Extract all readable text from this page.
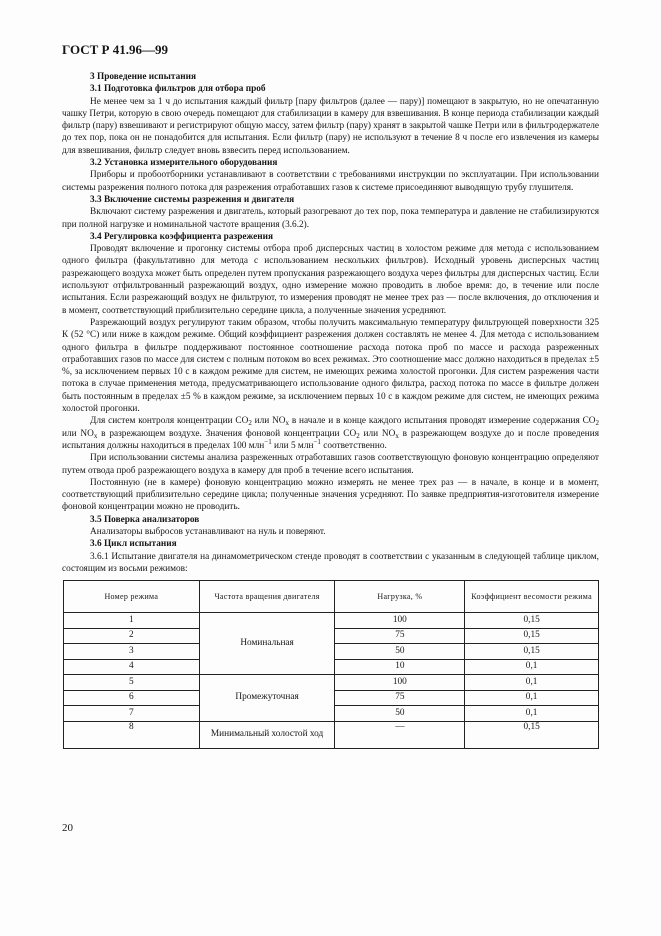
ГОСТ Р 41.96—99
3 Проведение испытания
3.1 Подготовка фильтров для отбора проб

Не менее чем за 1 ч до испытания каждый фильтр [пару фильтров (далее — пару)] помещают в закрытую, но не опечатанную чашку Петри, которую в свою очередь помещают для стабилизации в камеру для взвешивания. В конце периода стабилизации каждый фильтр (пару) взвешивают и регистрируют общую массу, затем фильтр (пару) хранят в закрытой чашке Петри или в фильтродержателе до тех пор, пока он не понадобится для испытания. Если фильтр (пару) не используют в течение 8 ч после его извлечения из камеры для взвешивания, фильтр следует вновь взвесить перед использованием.

3.2 Установка измерительного оборудования

Приборы и пробоотборники устанавливают в соответствии с требованиями инструкции по эксплуатации. При использовании системы разрежения полного потока для разрежения отработавших газов к системе присоединяют выводящую трубу глушителя.

3.3 Включение системы разрежения и двигателя

Включают систему разрежения и двигатель, который разогревают до тех пор, пока температура и давление не стабилизируются при полной нагрузке и номинальной частоте вращения (3.6.2).

3.4 Регулировка коэффициента разрежения

Проводят включение и прогонку системы отбора проб дисперсных частиц в холостом режиме для метода с использованием одного фильтра (факультативно для метода с использованием нескольких фильтров). Исходный уровень дисперсных частиц разрежающего воздуха может быть определен путем пропускания разрежающего воздуха через фильтры для дисперсных частиц. Если используют отфильтрованный разрежающий воздух, одно измерение можно проводить в любое время: до, в течение или после испытания. Если разрежающий воздух не фильтруют, то измерения проводят не менее трех раз — после включения, до отключения и в момент, соответствующий приблизительно середине цикла, а полученные значения усредняют.

Разрежающий воздух регулируют таким образом, чтобы получить максимальную температуру фильтрующей поверхности 325 К (52 °С) или ниже в каждом режиме. Общий коэффициент разрежения должен составлять не менее 4. Для метода с использованием одного фильтра в фильтре поддерживают постоянное соотношение расхода потока проб по массе и расхода разреженных отработавших газов по массе для систем с полным потоком во всех режимах. Это соотношение масс должно находиться в пределах ±5 %, за исключением первых 10 с в каждом режиме для систем, не имеющих режима холостой прогонки. Для систем разрежения части потока в случае применения метода, предусматривающего использование одного фильтра, расход потока по массе в фильтре должен быть постоянным в пределах ±5 % в каждом режиме, за исключением первых 10 с в каждом режиме для систем, не имеющих режима холостой прогонки.

Для систем контроля концентрации $CO_2$ или $NO_x$ в начале и в конце каждого испытания проводят измерение содержания $CO_2$ или $NO_x$ в разрежающем воздухе. Значения фоновой концентрации $CO_2$ или $NO_x$ в разрежающем воздухе до и после проведения испытания должны находиться в пределах 100 млн$^{-1}$ или 5 млн$^{-1}$ соответственно.

При использовании системы анализа разреженных отработавших газов соответствующую фоновую концентрацию определяют путем отвода проб разрежающего воздуха в камеру для проб в течение всего испытания.

Постоянную (не в камере) фоновую концентрацию можно измерять не менее трех раз — в начале, в конце и в момент, соответствующий приблизительно середине цикла; полученные значения усредняют. По заявке предприятия-изготовителя измерение фоновой концентрации можно не проводить.

3.5 Поверка анализаторов

Анализаторы выбросов устанавливают на нуль и поверяют.

3.6 Цикл испытания

3.6.1 Испытание двигателя на динамометрическом стенде проводят в соответствии с указанным в следующей таблице циклом, состоящим из восьми режимов:

Номер режима	Частота вращения двигателя	Нагрузка, %	Коэффициент весомости режима
1	Номинальная	100	0,15
2		75	0,15
3		50	0,15
4		10	0,1
5	Промежуточная	100	0,1
6		75	0,1
7		50	0,1
8	Минимальный холостой ход	—	0,15
20
